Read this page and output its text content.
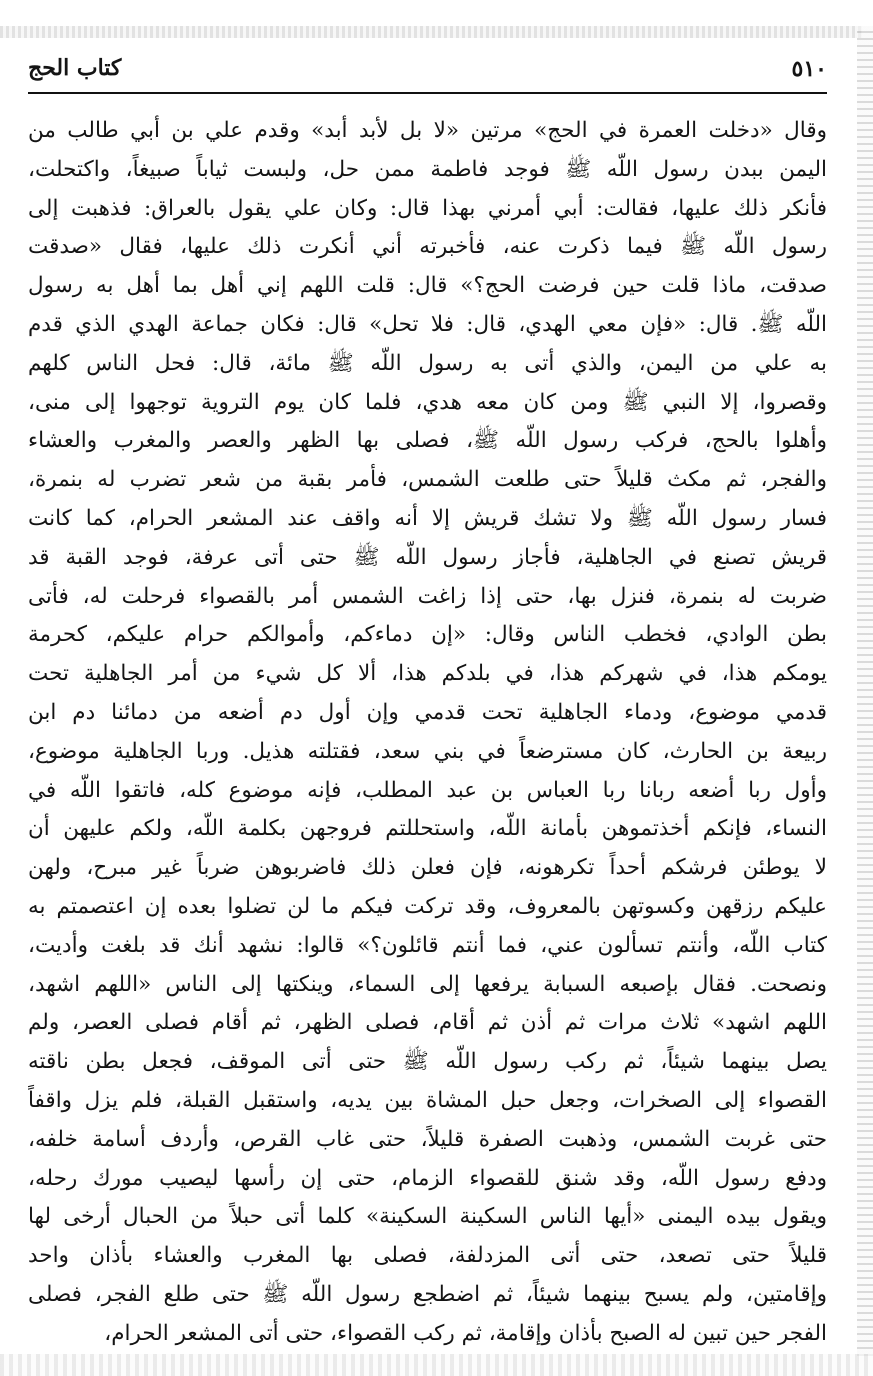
٥١٠
كتاب الحج
وقال «دخلت العمرة في الحج» مرتين «لا بل لأبد أبد» وقدم علي بن أبي طالب من
اليمن ببدن رسول اللّه ﷺ فوجد فاطمة ممن حل، ولبست ثياباً صبيغاً، واكتحلت،
فأنكر ذلك عليها، فقالت: أبي أمرني بهذا قال: وكان علي يقول بالعراق: فذهبت إلى
رسول اللّه ﷺ فيما ذكرت عنه، فأخبرته أني أنكرت ذلك عليها، فقال «صدقت
صدقت، ماذا قلت حين فرضت الحج؟» قال: قلت اللهم إني أهل بما أهل به رسول
اللّه ﷺ. قال: «فإن معي الهدي، قال: فلا تحل» قال: فكان جماعة الهدي الذي قدم
به علي من اليمن، والذي أتى به رسول اللّه ﷺ مائة، قال: فحل الناس كلهم
وقصروا، إلا النبي ﷺ ومن كان معه هدي، فلما كان يوم التروية توجهوا إلى منى،
وأهلوا بالحج، فركب رسول اللّه ﷺ، فصلى بها الظهر والعصر والمغرب والعشاء
والفجر، ثم مكث قليلاً حتى طلعت الشمس، فأمر بقبة من شعر تضرب له بنمرة،
فسار رسول اللّه ﷺ ولا تشك قريش إلا أنه واقف عند المشعر الحرام، كما كانت
قريش تصنع في الجاهلية، فأجاز رسول اللّه ﷺ حتى أتى عرفة، فوجد القبة قد
ضربت له بنمرة، فنزل بها، حتى إذا زاغت الشمس أمر بالقصواء فرحلت له، فأتى
بطن الوادي، فخطب الناس وقال: «إن دماءكم، وأموالكم حرام عليكم، كحرمة
يومكم هذا، في شهركم هذا، في بلدكم هذا، ألا كل شيء من أمر الجاهلية تحت
قدمي موضوع، ودماء الجاهلية تحت قدمي وإن أول دم أضعه من دمائنا دم ابن
ربيعة بن الحارث، كان مسترضعاً في بني سعد، فقتلته هذيل. وربا الجاهلية موضوع،
وأول ربا أضعه ربانا ربا العباس بن عبد المطلب، فإنه موضوع كله، فاتقوا اللّه في
النساء، فإنكم أخذتموهن بأمانة اللّه، واستحللتم فروجهن بكلمة اللّه، ولكم عليهن أن
لا يوطئن فرشكم أحداً تكرهونه، فإن فعلن ذلك فاضربوهن ضرباً غير مبرح، ولهن
عليكم رزقهن وكسوتهن بالمعروف، وقد تركت فيكم ما لن تضلوا بعده إن اعتصمتم به
كتاب اللّه، وأنتم تسألون عني، فما أنتم قائلون؟» قالوا: نشهد أنك قد بلغت وأديت،
ونصحت. فقال بإصبعه السبابة يرفعها إلى السماء، وينكتها إلى الناس «اللهم اشهد،
اللهم اشهد» ثلاث مرات ثم أذن ثم أقام، فصلى الظهر، ثم أقام فصلى العصر، ولم
يصل بينهما شيئاً، ثم ركب رسول اللّه ﷺ حتى أتى الموقف، فجعل بطن ناقته
القصواء إلى الصخرات، وجعل حبل المشاة بين يديه، واستقبل القبلة، فلم يزل واقفاً
حتى غربت الشمس، وذهبت الصفرة قليلاً، حتى غاب القرص، وأردف أسامة خلفه،
ودفع رسول اللّه، وقد شنق للقصواء الزمام، حتى إن رأسها ليصيب مورك رحله،
ويقول بيده اليمنى «أيها الناس السكينة السكينة» كلما أتى حبلاً من الحبال أرخى لها
قليلاً حتى تصعد، حتى أتى المزدلفة، فصلى بها المغرب والعشاء بأذان واحد
وإقامتين، ولم يسبح بينهما شيئاً، ثم اضطجع رسول اللّه ﷺ حتى طلع الفجر، فصلى
الفجر حين تبين له الصبح بأذان وإقامة، ثم ركب القصواء، حتى أتى المشعر الحرام،
